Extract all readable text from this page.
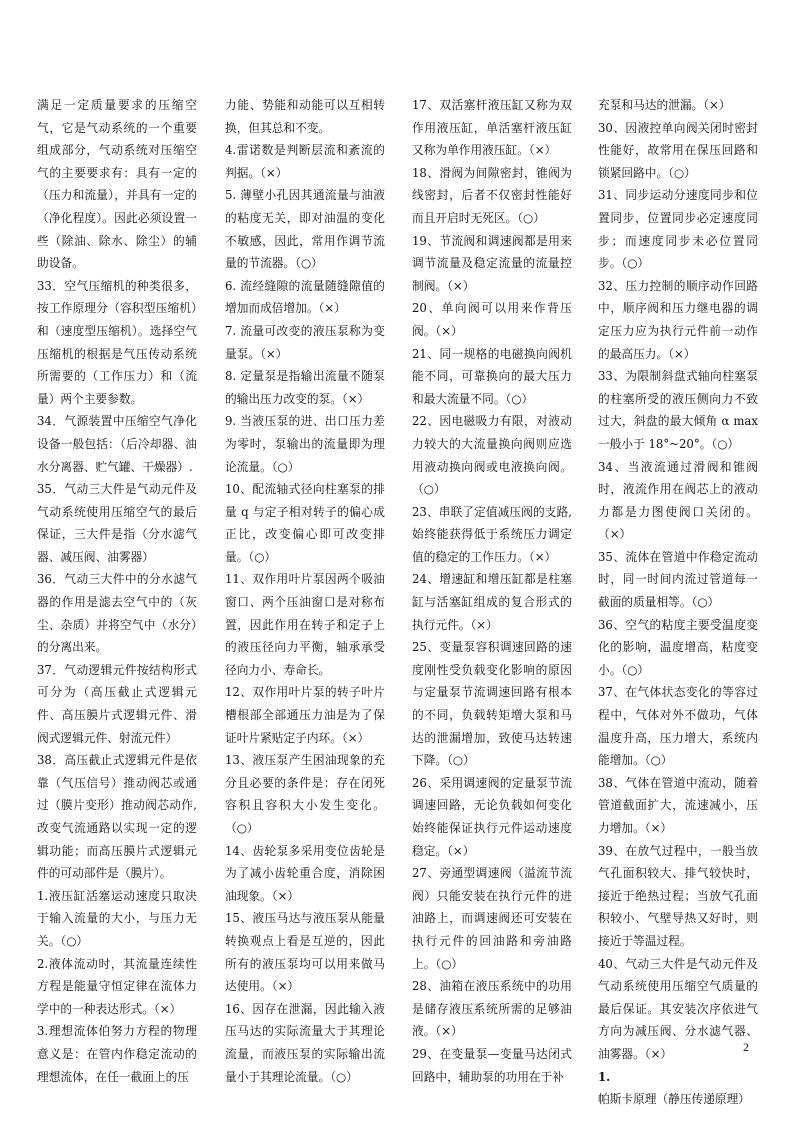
满足一定质量要求的压缩空气，它是气动系统的一个重要组成部分，气动系统对压缩空气的主要要求有：具有一定的（压力和流量），并具有一定的（净化程度）。因此必须设置一些（除油、除水、除尘）的辅助设备。

33．空气压缩机的种类很多，按工作原理分（容积型压缩机）和（速度型压缩机）。选择空气压缩机的根据是气压传动系统所需要的（工作压力）和（流量）两个主要参数。

34．气源装置中压缩空气净化设备一般包括：（后冷却器、油水分离器、贮气罐、干燥器）.

35．气动三大件是气动元件及气动系统使用压缩空气的最后保证，三大件是指（分水滤气器、减压阀、油雾器）

36．气动三大件中的分水滤气器的作用是滤去空气中的（灰尘、杂质）并将空气中（水分）的分离出来。

37．气动逻辑元件按结构形式可分为（高压截止式逻辑元件、高压膜片式逻辑元件、滑阀式逻辑元件、射流元件）

38．高压截止式逻辑元件是依靠（气压信号）推动阀芯或通过（膜片变形）推动阀芯动作,改变气流通路以实现一定的逻辑功能；而高压膜片式逻辑元件的可动部件是（膜片）。

1.液压缸活塞运动速度只取决于输入流量的大小，与压力无关。（○）

2.液体流动时，其流量连续性方程是能量守恒定律在流体力学中的一种表达形式。（×）

3.理想流体伯努力方程的物理意义是：在管内作稳定流动的理想流体，在任一截面上的压

力能、势能和动能可以互相转换，但其总和不变。

4.雷诺数是判断层流和紊流的判据。（×）

5. 薄壁小孔因其通流量与油液的粘度无关，即对油温的变化不敏感，因此，常用作调节流量的节流器。（○）

6. 流经缝隙的流量随缝隙值的增加而成倍增加。（×）

7. 流量可改变的液压泵称为变量泵。（×）

8. 定量泵是指输出流量不随泵的输出压力改变的泵。（×）

9. 当液压泵的进、出口压力差为零时，泵输出的流量即为理论流量。（○）

10、配流轴式径向柱塞泵的排量 q 与定子相对转子的偏心成正比，改变偏心即可改变排量。（○）

11、双作用叶片泵因两个吸油窗口、两个压油窗口是对称布置，因此作用在转子和定子上的液压径向力平衡，轴承承受径向力小、寿命长。

12、双作用叶片泵的转子叶片槽根部全部通压力油是为了保证叶片紧贴定子内环。（×）

13、液压泵产生困油现象的充分且必要的条件是：存在闭死容积且容积大小发生变化。（○）

14、齿轮泵多采用变位齿轮是为了减小齿轮重合度，消除困油现象。（×）

15、液压马达与液压泵从能量转换观点上看是互逆的，因此所有的液压泵均可以用来做马达使用。（×）

16、因存在泄漏，因此输入液压马达的实际流量大于其理论流量，而液压泵的实际输出流量小于其理论流量。（○）

17、双活塞杆液压缸又称为双作用液压缸，单活塞杆液压缸又称为单作用液压缸。（×）

18、滑阀为间隙密封，锥阀为线密封，后者不仅密封性能好而且开启时无死区。（○）

19、节流阀和调速阀都是用来调节流量及稳定流量的流量控制阀。（×）

20、单向阀可以用来作背压阀。（×）

21、同一规格的电磁换向阀机能不同，可靠换向的最大压力和最大流量不同。（○）

22、因电磁吸力有限，对液动力较大的大流量换向阀则应选用液动换向阀或电液换向阀。（○）

23、串联了定值减压阀的支路,始终能获得低于系统压力调定值的稳定的工作压力。（×）

24、增速缸和增压缸都是柱塞缸与活塞缸组成的复合形式的执行元件。（×）

25、变量泵容积调速回路的速度刚性受负载变化影响的原因与定量泵节流调速回路有根本的不同，负载转矩增大泵和马达的泄漏增加，致使马达转速下降。（○）

26、采用调速阀的定量泵节流调速回路，无论负载如何变化始终能保证执行元件运动速度稳定。（×）

27、旁通型调速阀（溢流节流阀）只能安装在执行元件的进油路上，而调速阀还可安装在执行元件的回油路和旁油路上。（○）

28、油箱在液压系统中的功用是储存液压系统所需的足够油液。（×）

29、在变量泵—变量马达闭式回路中，辅助泵的功用在于补

充泵和马达的泄漏。（×）

30、因液控单向阀关闭时密封性能好，故常用在保压回路和锁紧回路中。（○）

31、同步运动分速度同步和位置同步，位置同步必定速度同步；而速度同步未必位置同步。（○）

32、压力控制的顺序动作回路中，顺序阀和压力继电器的调定压力应为执行元件前一动作的最高压力。（×）

33、为限制斜盘式轴向柱塞泵的柱塞所受的液压侧向力不致过大，斜盘的最大倾角 α max 一般小于 18°~20°。（○）

34、当液流通过滑阀和锥阀时，液流作用在阀芯上的液动力都是力图使阀口关闭的。（×）

35、流体在管道中作稳定流动时，同一时间内流过管道每一截面的质量相等。（○）

36、空气的粘度主要受温度变化的影响，温度增高，粘度变小。（○）

37、在气体状态变化的等容过程中，气体对外不做功，气体温度升高，压力增大，系统内能增加。（○）

38、气体在管道中流动，随着管道截面扩大，流速减小，压力增加。（×）

39、在放气过程中，一般当放气孔面积较大、排气较快时，接近于绝热过程；当放气孔面积较小、气壁导热又好时，则接近于等温过程。

40、气动三大件是气动元件及气动系统使用压缩空气质量的最后保证。其安装次序依进气方向为减压阀、分水滤气器、油雾器。（×）

1.帕斯卡原理（静压传递原理）

2
